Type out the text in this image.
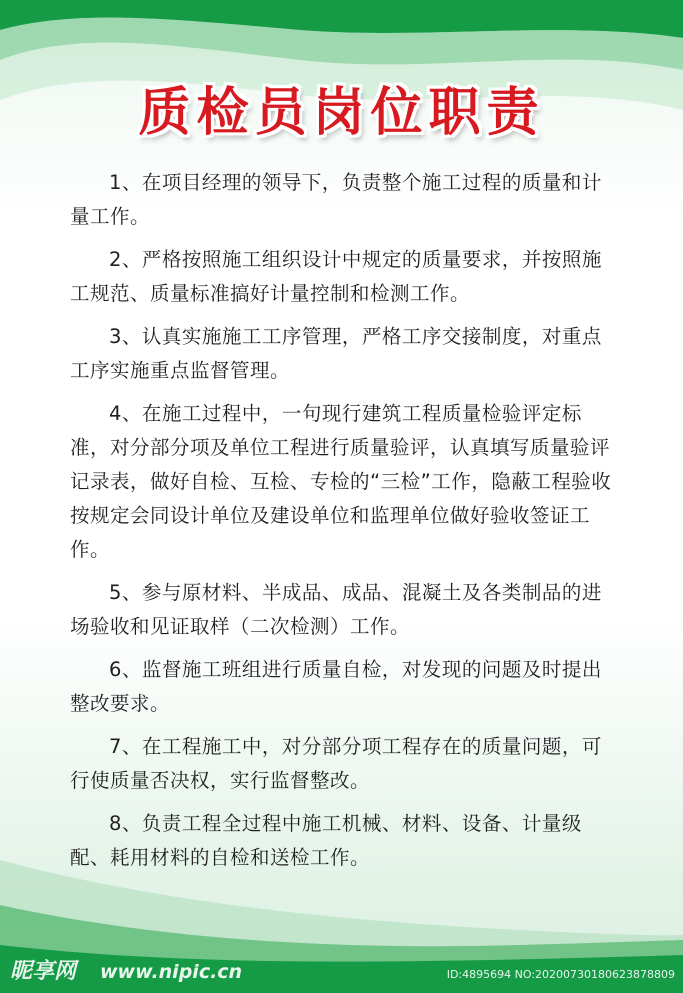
质检员岗位职责

1、在项目经理的领导下，负责整个施工过程的质量和计量工作。

2、严格按照施工组织设计中规定的质量要求，并按照施工规范、质量标准搞好计量控制和检测工作。

3、认真实施施工工序管理，严格工序交接制度，对重点工序实施重点监督管理。

4、在施工过程中，一句现行建筑工程质量检验评定标准，对分部分项及单位工程进行质量验评，认真填写质量验评记录表，做好自检、互检、专检的“三检”工作，隐蔽工程验收按规定会同设计单位及建设单位和监理单位做好验收签证工作。

5、参与原材料、半成品、成品、混凝土及各类制品的进场验收和见证取样（二次检测）工作。

6、监督施工班组进行质量自检，对发现的问题及时提出整改要求。

7、在工程施工中，对分部分项工程存在的质量问题，可行使质量否决权，实行监督整改。

8、负责工程全过程中施工机械、材料、设备、计量级配、耗用材料的自检和送检工作。

昵享网 www.nipic.cn	ID:4895694 NO:20200730180623878809
